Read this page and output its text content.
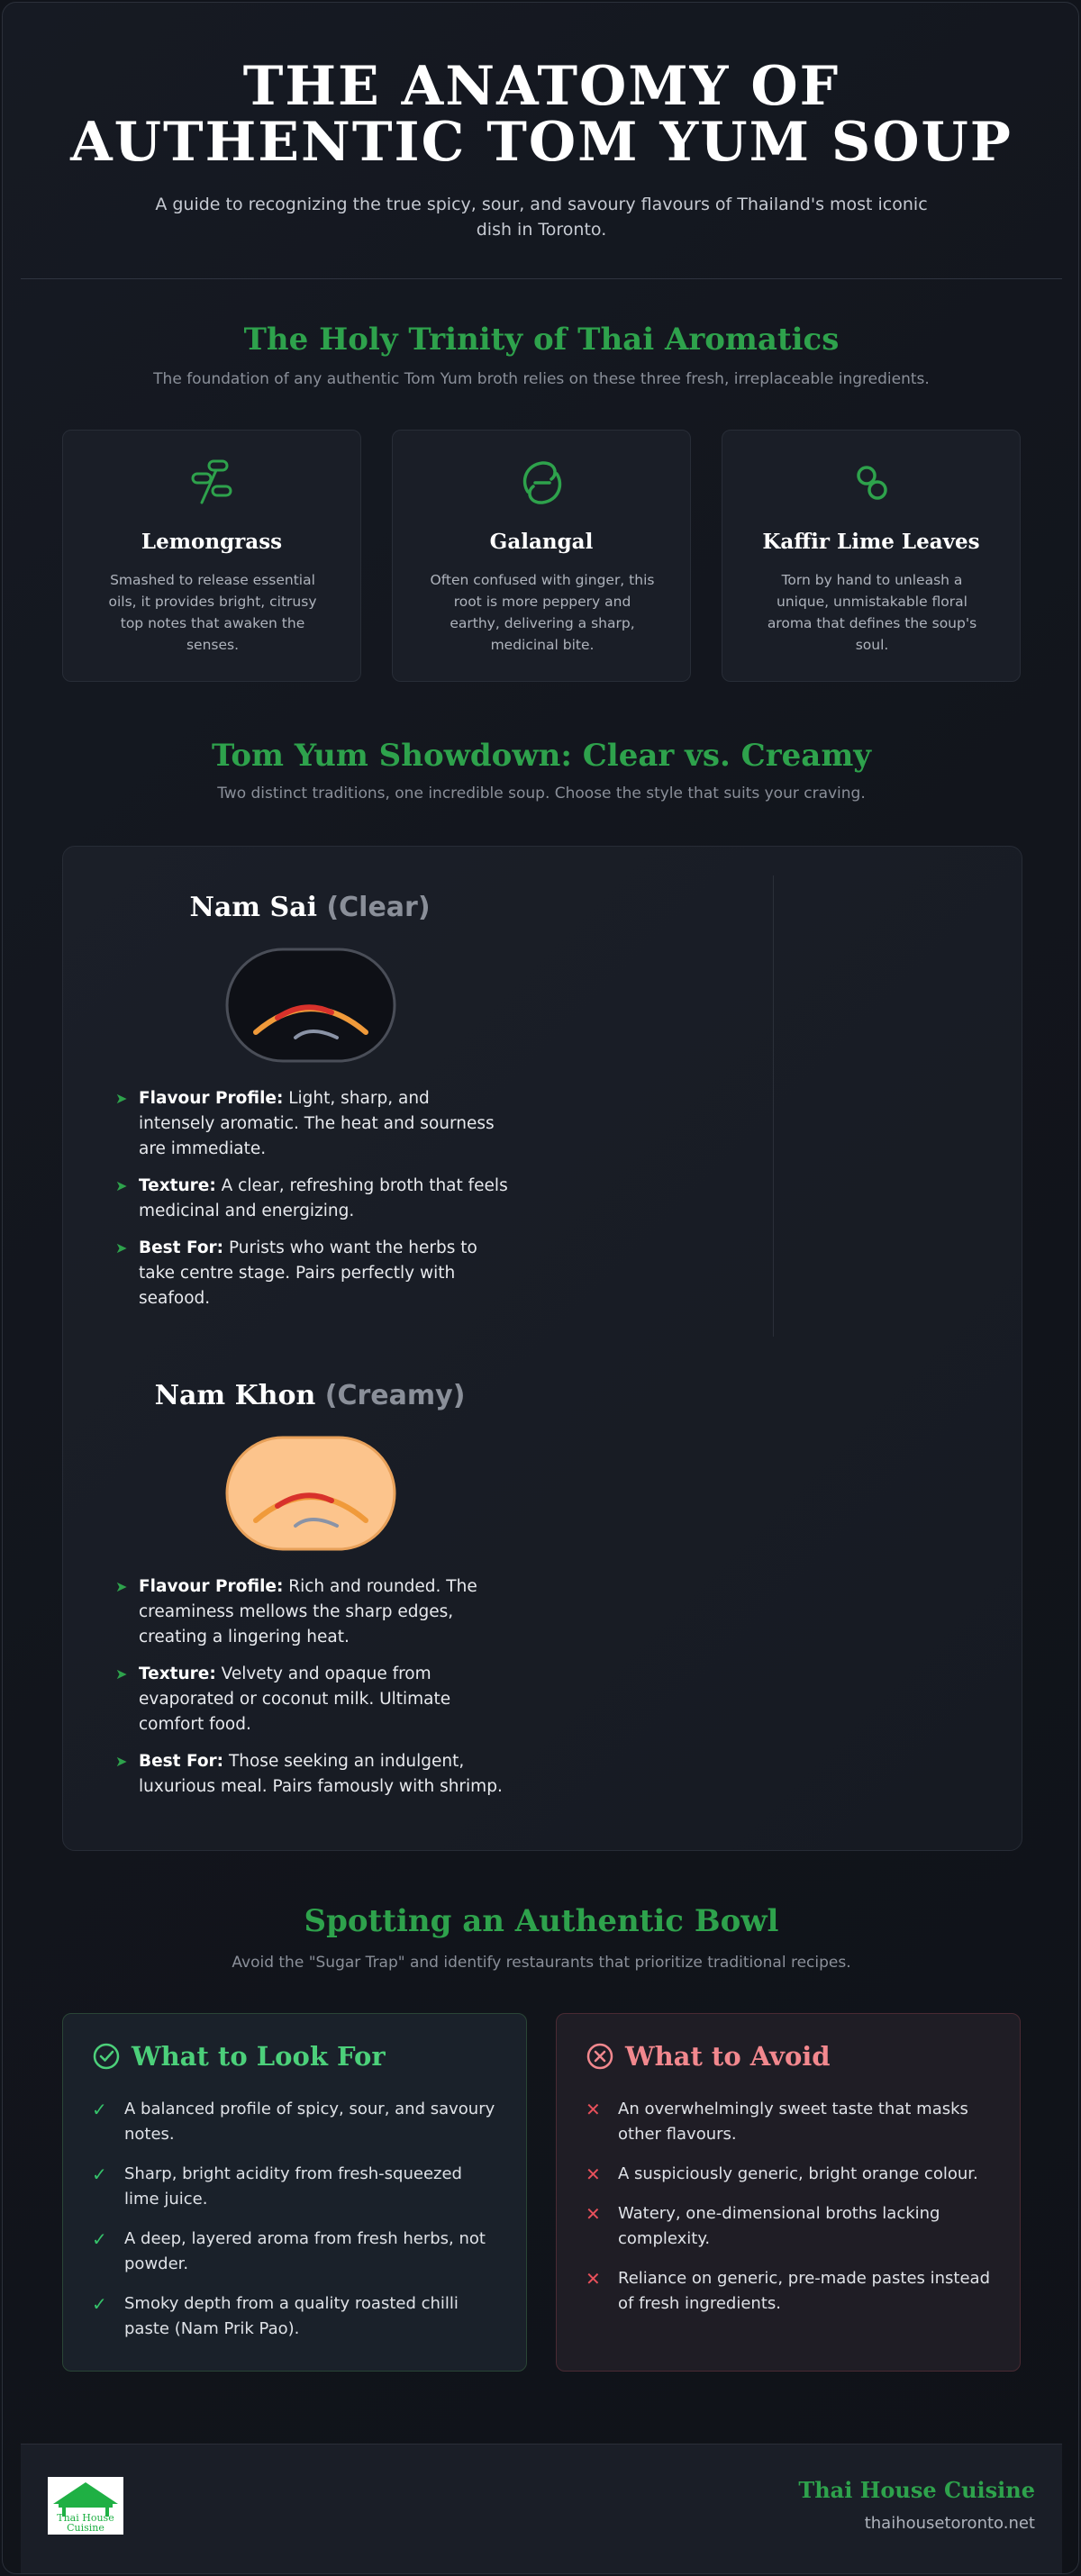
THE ANATOMY OF
AUTHENTIC TOM YUM SOUP

A guide to recognizing the true spicy, sour, and savoury flavours of Thailand's most iconic dish in Toronto.

The Holy Trinity of Thai Aromatics
The foundation of any authentic Tom Yum broth relies on these three fresh, irreplaceable ingredients.
Lemongrass

Smashed to release essential oils, it provides bright, citrusy top notes that awaken the senses.

Galangal

Often confused with ginger, this root is more peppery and earthy, delivering a sharp, medicinal bite.

Kaffir Lime Leaves

Torn by hand to unleash a unique, unmistakable floral aroma that defines the soup's soul.

Tom Yum Showdown: Clear vs. Creamy
Two distinct traditions, one incredible soup. Choose the style that suits your craving.
Nam Sai (Clear)
➤ Flavour Profile: Light, sharp, and intensely aromatic. The heat and sourness are immediate.
➤ Texture: A clear, refreshing broth that feels medicinal and energizing.
➤ Best For: Purists who want the herbs to take centre stage. Pairs perfectly with seafood.
Nam Khon (Creamy)
➤ Flavour Profile: Rich and rounded. The creaminess mellows the sharp edges, creating a lingering heat.
➤ Texture: Velvety and opaque from evaporated or coconut milk. Ultimate comfort food.
➤ Best For: Those seeking an indulgent, luxurious meal. Pairs famously with shrimp.
Spotting an Authentic Bowl
Avoid the "Sugar Trap" and identify restaurants that prioritize traditional recipes.
What to Look For
✓ A balanced profile of spicy, sour, and savoury notes.
✓ Sharp, bright acidity from fresh-squeezed lime juice.
✓ A deep, layered aroma from fresh herbs, not powder.
✓ Smoky depth from a quality roasted chilli paste (Nam Prik Pao).
What to Avoid
✕ An overwhelmingly sweet taste that masks other flavours.
✕ A suspiciously generic, bright orange colour.
✕ Watery, one-dimensional broths lacking complexity.
✕ Reliance on generic, pre-made pastes instead of fresh ingredients.
Thai House
Cuisine
Thai House Cuisine
thaihousetoronto.net
